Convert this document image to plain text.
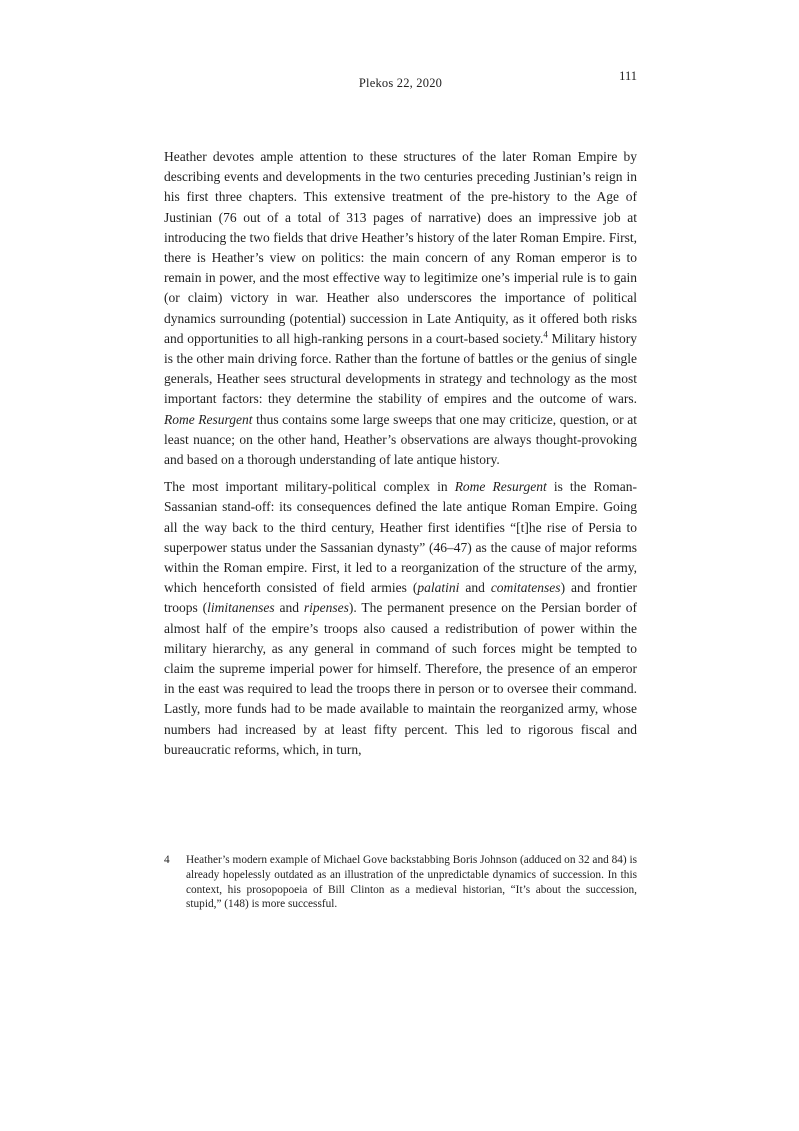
Plekos 22, 2020	111

Heather devotes ample attention to these structures of the later Roman Empire by describing events and developments in the two centuries preceding Justinian’s reign in his first three chapters. This extensive treatment of the pre-history to the Age of Justinian (76 out of a total of 313 pages of narrative) does an impressive job at introducing the two fields that drive Heather’s history of the later Roman Empire. First, there is Heather’s view on politics: the main concern of any Roman emperor is to remain in power, and the most effective way to legitimize one’s imperial rule is to gain (or claim) victory in war. Heather also underscores the importance of political dynamics surrounding (potential) succession in Late Antiquity, as it offered both risks and opportunities to all high-ranking persons in a court-based society.$^4$ Military history is the other main driving force. Rather than the fortune of battles or the genius of single generals, Heather sees structural developments in strategy and technology as the most important factors: they determine the stability of empires and the outcome of wars. Rome Resurgent thus contains some large sweeps that one may criticize, question, or at least nuance; on the other hand, Heather’s observations are always thought-provoking and based on a thorough understanding of late antique history.

The most important military-political complex in Rome Resurgent is the Roman-Sassanian stand-off: its consequences defined the late antique Roman Empire. Going all the way back to the third century, Heather first identifies “[t]he rise of Persia to superpower status under the Sassanian dynasty” (46–47) as the cause of major reforms within the Roman empire. First, it led to a reorganization of the structure of the army, which henceforth consisted of field armies (palatini and comitatenses) and frontier troops (limitanenses and ripenses). The permanent presence on the Persian border of almost half of the empire’s troops also caused a redistribution of power within the military hierarchy, as any general in command of such forces might be tempted to claim the supreme imperial power for himself. Therefore, the presence of an emperor in the east was required to lead the troops there in person or to oversee their command. Lastly, more funds had to be made available to maintain the reorganized army, whose numbers had increased by at least fifty percent. This led to rigorous fiscal and bureaucratic reforms, which, in turn,

4	Heather’s modern example of Michael Gove backstabbing Boris Johnson (adduced on 32 and 84) is already hopelessly outdated as an illustration of the unpredictable dynamics of succession. In this context, his prosopopoeia of Bill Clinton as a medieval historian, “It’s about the succession, stupid,” (148) is more successful.
